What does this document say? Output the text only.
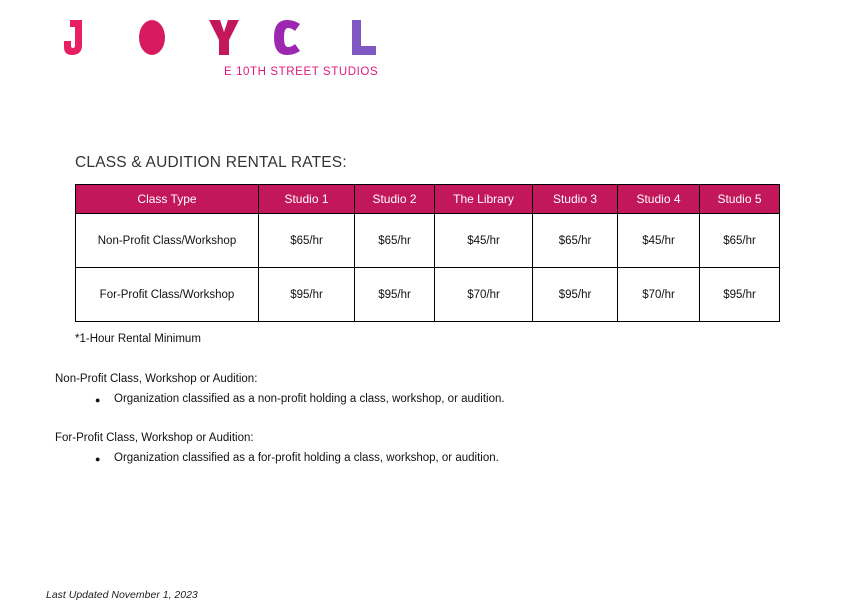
E 10TH STREET STUDIOS
CLASS & AUDITION RENTAL RATES:
Class Type	Studio 1	Studio 2	The Library	Studio 3	Studio 4	Studio 5
Non-Profit Class/Workshop	$65/hr	$65/hr	$45/hr	$65/hr	$45/hr	$65/hr
For-Profit Class/Workshop	$95/hr	$95/hr	$70/hr	$95/hr	$70/hr	$95/hr
*1-Hour Rental Minimum
Non-Profit Class, Workshop or Audition:
●	Organization classified as a non-profit holding a class, workshop, or audition.
For-Profit Class, Workshop or Audition:
●	Organization classified as a for-profit holding a class, workshop, or audition.
Last Updated November 1, 2023
